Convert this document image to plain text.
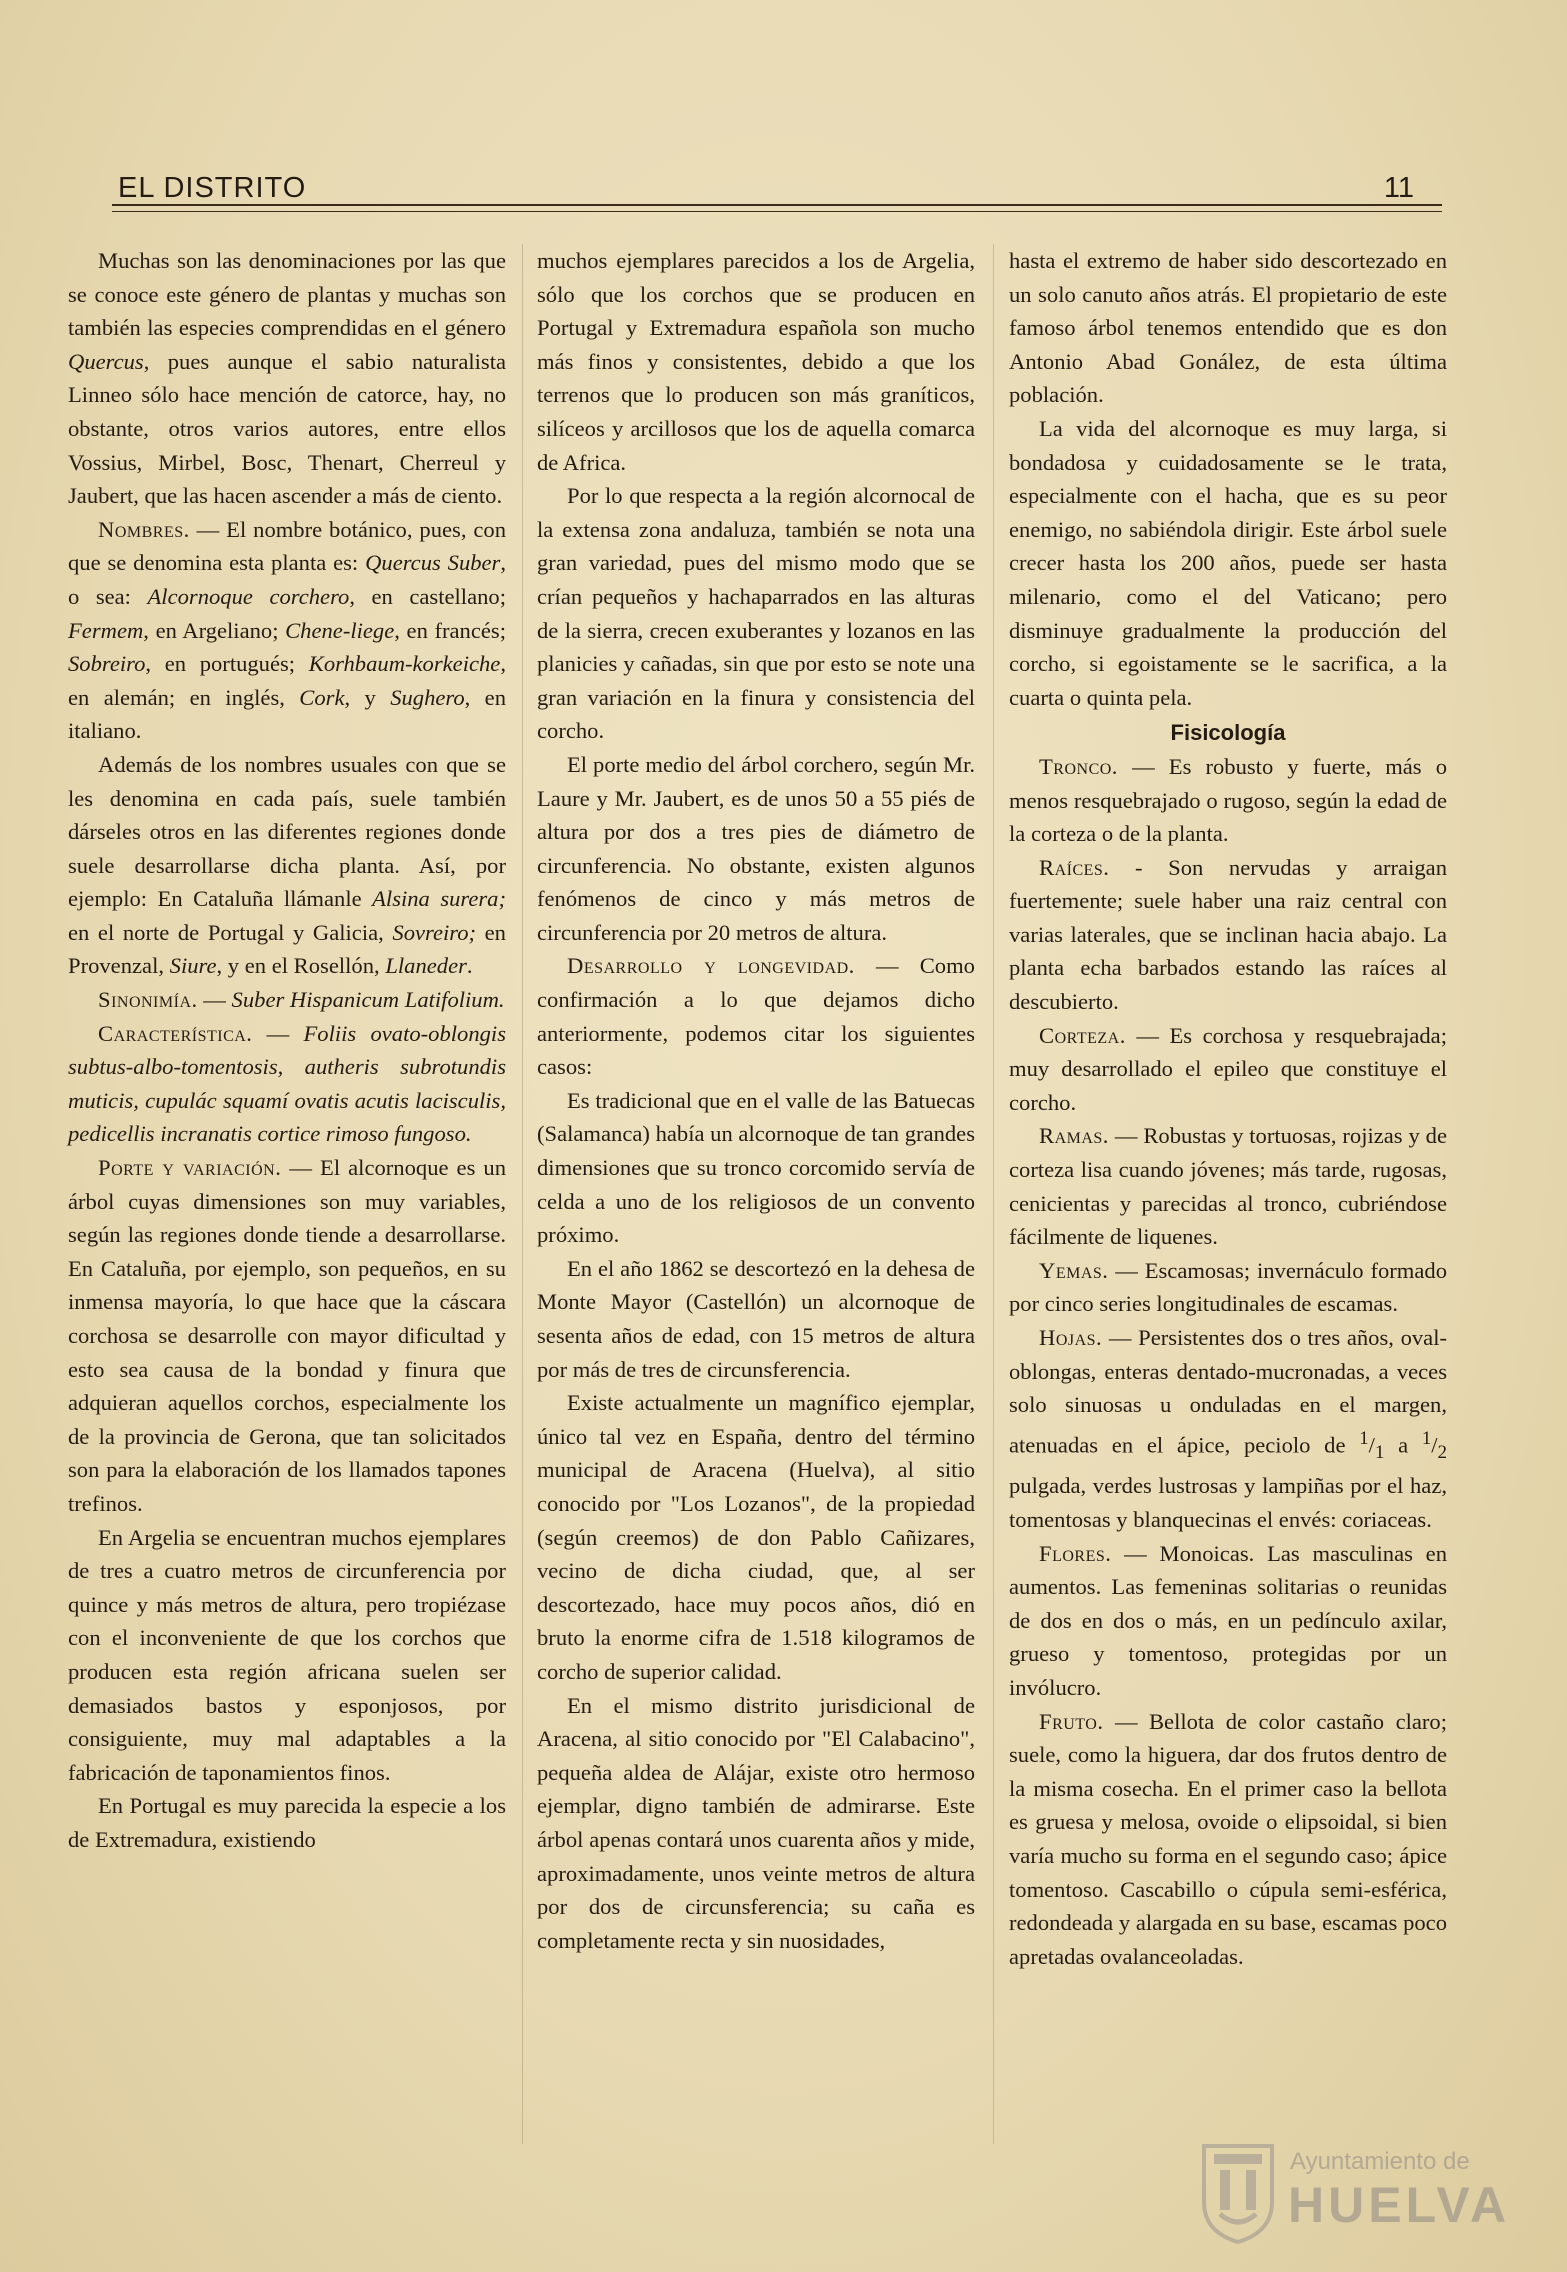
EL DISTRITO	11

Muchas son las denominaciones por las que se conoce este género de plantas y muchas son también las especies comprendidas en el género Quercus, pues aunque el sabio naturalista Linneo sólo hace mención de catorce, hay, no obstante, otros varios autores, entre ellos Vossius, Mirbel, Bosc, Thenart, Cherreul y Jaubert, que las hacen ascender a más de ciento.

Nombres. — El nombre botánico, pues, con que se denomina esta planta es: Quercus Suber, o sea: Alcornoque corchero, en castellano; Fermem, en Argeliano; Chene-liege, en francés; Sobreiro, en portugués; Korhbaum-korkeiche, en alemán; en inglés, Cork, y Sughero, en italiano.

Además de los nombres usuales con que se les denomina en cada país, suele también dárseles otros en las diferentes regiones donde suele desarrollarse dicha planta. Así, por ejemplo: En Cataluña llámanle Alsina surera; en el norte de Portugal y Galicia, Sovreiro; en Provenzal, Siure, y en el Rosellón, Llaneder.

Sinonimía. — Suber Hispanicum Latifolium.

Característica. — Foliis ovato-oblongis subtus-albo-tomentosis, autheris subrotundis muticis, cupulác squamí ovatis acutis lacisculis, pedicellis incranatis cortice rimoso fungoso.

Porte y variación. — El alcornoque es un árbol cuyas dimensiones son muy variables, según las regiones donde tiende a desarrollarse. En Cataluña, por ejemplo, son pequeños, en su inmensa mayoría, lo que hace que la cáscara corchosa se desarrolle con mayor dificultad y esto sea causa de la bondad y finura que adquieran aquellos corchos, especialmente los de la provincia de Gerona, que tan solicitados son para la elaboración de los llamados tapones trefinos.

En Argelia se encuentran muchos ejemplares de tres a cuatro metros de circunferencia por quince y más metros de altura, pero tropiézase con el inconveniente de que los corchos que producen esta región africana suelen ser demasiados bastos y esponjosos, por consiguiente, muy mal adaptables a la fabricación de taponamientos finos.

En Portugal es muy parecida la especie a los de Extremadura, existiendo

muchos ejemplares parecidos a los de Argelia, sólo que los corchos que se producen en Portugal y Extremadura española son mucho más finos y consistentes, debido a que los terrenos que lo producen son más graníticos, silíceos y arcillosos que los de aquella comarca de Africa.

Por lo que respecta a la región alcornocal de la extensa zona andaluza, también se nota una gran variedad, pues del mismo modo que se crían pequeños y hachaparrados en las alturas de la sierra, crecen exuberantes y lozanos en las planicies y cañadas, sin que por esto se note una gran variación en la finura y consistencia del corcho.

El porte medio del árbol corchero, según Mr. Laure y Mr. Jaubert, es de unos 50 a 55 piés de altura por dos a tres pies de diámetro de circunferencia. No obstante, existen algunos fenómenos de cinco y más metros de circunferencia por 20 metros de altura.

Desarrollo y longevidad. — Como confirmación a lo que dejamos dicho anteriormente, podemos citar los siguientes casos:

Es tradicional que en el valle de las Batuecas (Salamanca) había un alcornoque de tan grandes dimensiones que su tronco corcomido servía de celda a uno de los religiosos de un convento próximo.

En el año 1862 se descortezó en la dehesa de Monte Mayor (Castellón) un alcornoque de sesenta años de edad, con 15 metros de altura por más de tres de circunsferencia.

Existe actualmente un magnífico ejemplar, único tal vez en España, dentro del término municipal de Aracena (Huelva), al sitio conocido por "Los Lozanos", de la propiedad (según creemos) de don Pablo Cañizares, vecino de dicha ciudad, que, al ser descortezado, hace muy pocos años, dió en bruto la enorme cifra de 1.518 kilogramos de corcho de superior calidad.

En el mismo distrito jurisdicional de Aracena, al sitio conocido por "El Calabacino", pequeña aldea de Alájar, existe otro hermoso ejemplar, digno también de admirarse. Este árbol apenas contará unos cuarenta años y mide, aproximadamente, unos veinte metros de altura por dos de circunsferencia; su caña es completamente recta y sin nuosidades,

hasta el extremo de haber sido descortezado en un solo canuto años atrás. El propietario de este famoso árbol tenemos entendido que es don Antonio Abad Gonález, de esta última población.

La vida del alcornoque es muy larga, si bondadosa y cuidadosamente se le trata, especialmente con el hacha, que es su peor enemigo, no sabiéndola dirigir. Este árbol suele crecer hasta los 200 años, puede ser hasta milenario, como el del Vaticano; pero disminuye gradualmente la producción del corcho, si egoistamente se le sacrifica, a la cuarta o quinta pela.

Fisicología

Tronco. — Es robusto y fuerte, más o menos resquebrajado o rugoso, según la edad de la corteza o de la planta.

Raíces. - Son nervudas y arraigan fuertemente; suele haber una raiz central con varias laterales, que se inclinan hacia abajo. La planta echa barbados estando las raíces al descubierto.

Corteza. — Es corchosa y resquebrajada; muy desarrollado el epileo que constituye el corcho.

Ramas. — Robustas y tortuosas, rojizas y de corteza lisa cuando jóvenes; más tarde, rugosas, cenicientas y parecidas al tronco, cubriéndose fácilmente de liquenes.

Yemas. — Escamosas; invernáculo formado por cinco series longitudinales de escamas.

Hojas. — Persistentes dos o tres años, oval-oblongas, enteras dentado-mucronadas, a veces solo sinuosas u onduladas en el margen, atenuadas en el ápice, peciolo de $^1/_1$ a $^1/_2$ pulgada, verdes lustrosas y lampiñas por el haz, tomentosas y blanquecinas el envés: coriaceas.

Flores. — Monoicas. Las masculinas en aumentos. Las femeninas solitarias o reunidas de dos en dos o más, en un pedínculo axilar, grueso y tomentoso, protegidas por un invólucro.

Fruto. — Bellota de color castaño claro; suele, como la higuera, dar dos frutos dentro de la misma cosecha. En el primer caso la bellota es gruesa y melosa, ovoide o elipsoidal, si bien varía mucho su forma en el segundo caso; ápice tomentoso. Cascabillo o cúpula semi-esférica, redondeada y alargada en su base, escamas poco apretadas ovalanceoladas.

Ayuntamiento de
HUELVA
